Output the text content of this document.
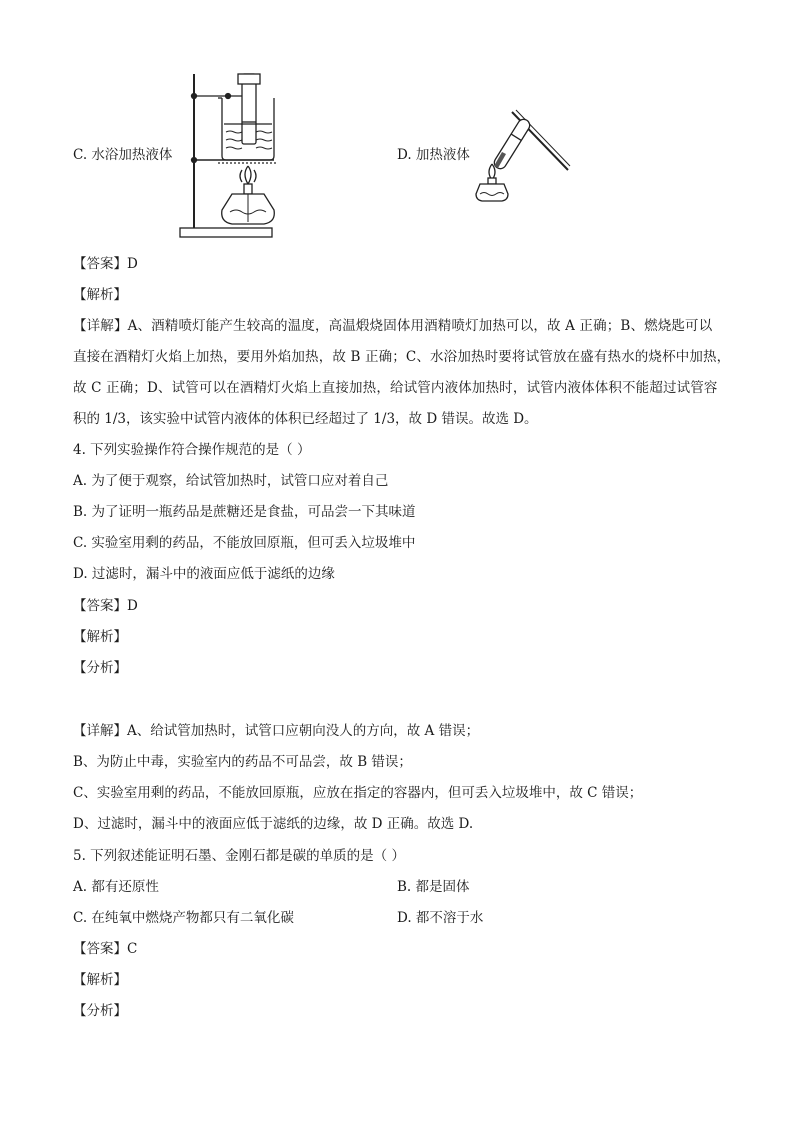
C. 水浴加热液体	D. 加热液体
【答案】D
【解析】
【详解】A、酒精喷灯能产生较高的温度，高温煅烧固体用酒精喷灯加热可以，故 A 正确；B、燃烧匙可以
直接在酒精灯火焰上加热，要用外焰加热，故 B 正确；C、水浴加热时要将试管放在盛有热水的烧杯中加热，
故 C 正确；D、试管可以在酒精灯火焰上直接加热，给试管内液体加热时，试管内液体体积不能超过试管容
积的 1/3，该实验中试管内液体的体积已经超过了 1/3，故 D 错误。故选 D。
4. 下列实验操作符合操作规范的是（ ）
A. 为了便于观察，给试管加热时，试管口应对着自己
B. 为了证明一瓶药品是蔗糖还是食盐，可品尝一下其味道
C. 实验室用剩的药品，不能放回原瓶，但可丢入垃圾堆中
D. 过滤时，漏斗中的液面应低于滤纸的边缘
【答案】D
【解析】
【分析】
【详解】A、给试管加热时，试管口应朝向没人的方向，故 A 错误；
B、为防止中毒，实验室内的药品不可品尝，故 B 错误；
C、实验室用剩的药品，不能放回原瓶，应放在指定的容器内，但可丢入垃圾堆中，故 C 错误；
D、过滤时，漏斗中的液面应低于滤纸的边缘，故 D 正确。故选 D.
5. 下列叙述能证明石墨、金刚石都是碳的单质的是（ ）
A. 都有还原性	B. 都是固体
C. 在纯氧中燃烧产物都只有二氧化碳	D. 都不溶于水
【答案】C
【解析】
【分析】
